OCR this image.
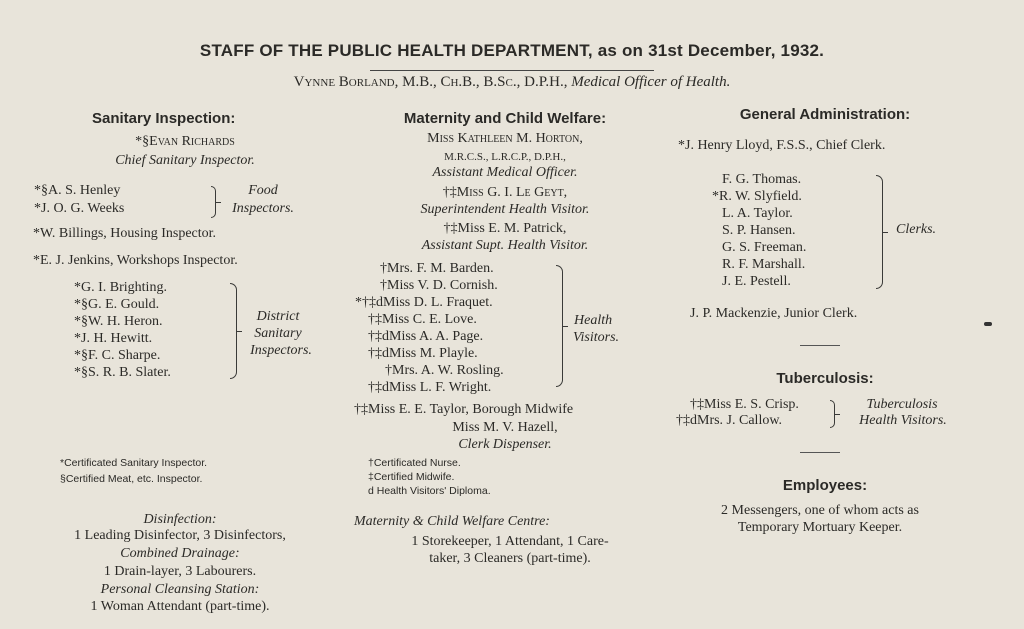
STAFF OF THE PUBLIC HEALTH DEPARTMENT, as on 31st December, 1932.
Vynne Borland, M.B., Ch.B., B.Sc., D.P.H., Medical Officer of Health.
Sanitary Inspection:
*§Evan Richards
Chief Sanitary Inspector.
*§A. S. Henley
*J. O. G. Weeks
Food
Inspectors.
*W. Billings, Housing Inspector.
*E. J. Jenkins, Workshops Inspector.
*G. I. Brighting.
*§G. E. Gould.
*§W. H. Heron.
*J. H. Hewitt.
*§F. C. Sharpe.
*§S. R. B. Slater.
District
Sanitary
Inspectors.
*Certificated Sanitary Inspector.
§Certified Meat, etc. Inspector.
Disinfection:
1 Leading Disinfector, 3 Disinfectors,
Combined Drainage:
1 Drain-layer, 3 Labourers.
Personal Cleansing Station:
1 Woman Attendant (part-time).
Maternity and Child Welfare:
Miss Kathleen M. Horton,
M.R.C.S., L.R.C.P., D.P.H.,
Assistant Medical Officer.
†‡Miss G. I. Le Geyt,
Superintendent Health Visitor.
†‡Miss E. M. Patrick,
Assistant Supt. Health Visitor.
†Mrs. F. M. Barden.
†Miss V. D. Cornish.
*†‡dMiss D. L. Fraquet.
†‡Miss C. E. Love.
†‡dMiss A. A. Page.
†‡dMiss M. Playle.
†Mrs. A. W. Rosling.
†‡dMiss L. F. Wright.
Health
Visitors.
†‡Miss E. E. Taylor, Borough Midwife
Miss M. V. Hazell,
Clerk Dispenser.
†Certificated Nurse.
‡Certified Midwife.
d Health Visitors' Diploma.
Maternity & Child Welfare Centre:
1 Storekeeper, 1 Attendant, 1 Care-
taker, 3 Cleaners (part-time).
General Administration:
*J. Henry Lloyd, F.S.S., Chief Clerk.
F. G. Thomas.
*R. W. Slyfield.
L. A. Taylor.
S. P. Hansen.
G. S. Freeman.
R. F. Marshall.
J. E. Pestell.
Clerks.
J. P. Mackenzie, Junior Clerk.
Tuberculosis:
†‡Miss E. S. Crisp.
†‡dMrs. J. Callow.
Tuberculosis
Health Visitors.
Employees:
2 Messengers, one of whom acts as
Temporary Mortuary Keeper.
